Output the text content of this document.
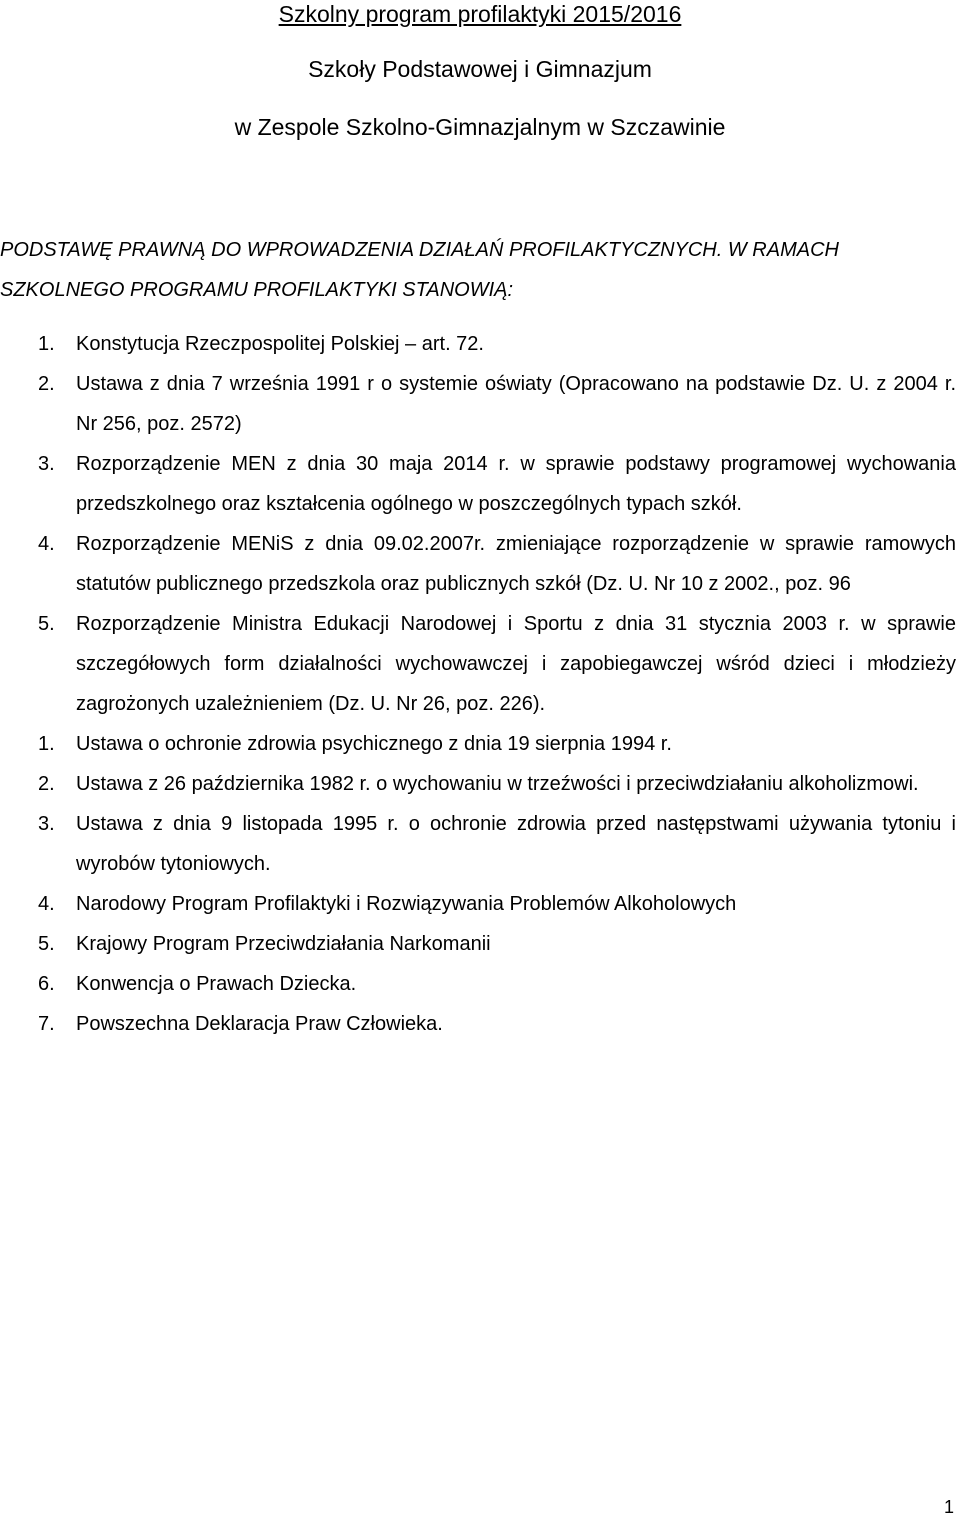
Szkolny program profilaktyki 2015/2016
Szkoły Podstawowej i Gimnazjum
w Zespole Szkolno-Gimnazjalnym w Szczawinie
PODSTAWĘ PRAWNĄ DO WPROWADZENIA DZIAŁAŃ PROFILAKTYCZNYCH. W RAMACH SZKOLNEGO PROGRAMU PROFILAKTYKI STANOWIĄ:
1. Konstytucja Rzeczpospolitej Polskiej – art. 72.
2. Ustawa z dnia 7 września 1991 r o systemie oświaty (Opracowano na podstawie Dz. U. z 2004 r. Nr 256, poz. 2572)
3. Rozporządzenie MEN z dnia 30 maja 2014 r. w sprawie podstawy programowej wychowania przedszkolnego oraz kształcenia ogólnego w poszczególnych typach szkół.
4. Rozporządzenie MENiS z dnia 09.02.2007r. zmieniające rozporządzenie w sprawie ramowych statutów publicznego przedszkola oraz publicznych szkół (Dz. U. Nr 10 z 2002., poz. 96
5. Rozporządzenie Ministra Edukacji Narodowej i Sportu z dnia 31 stycznia 2003 r. w sprawie szczegółowych form działalności wychowawczej i zapobiegawczej wśród dzieci i młodzieży zagrożonych uzależnieniem (Dz. U. Nr 26, poz. 226).
1. Ustawa o ochronie zdrowia psychicznego z dnia 19 sierpnia 1994 r.
2. Ustawa z 26 października 1982 r. o wychowaniu w trzeźwości i przeciwdziałaniu alkoholizmowi.
3. Ustawa z dnia 9 listopada 1995 r. o ochronie zdrowia przed następstwami używania tytoniu i wyrobów tytoniowych.
4. Narodowy Program Profilaktyki i Rozwiązywania Problemów Alkoholowych
5. Krajowy Program Przeciwdziałania Narkomanii
6. Konwencja o Prawach Dziecka.
7. Powszechna Deklaracja Praw Człowieka.
1
